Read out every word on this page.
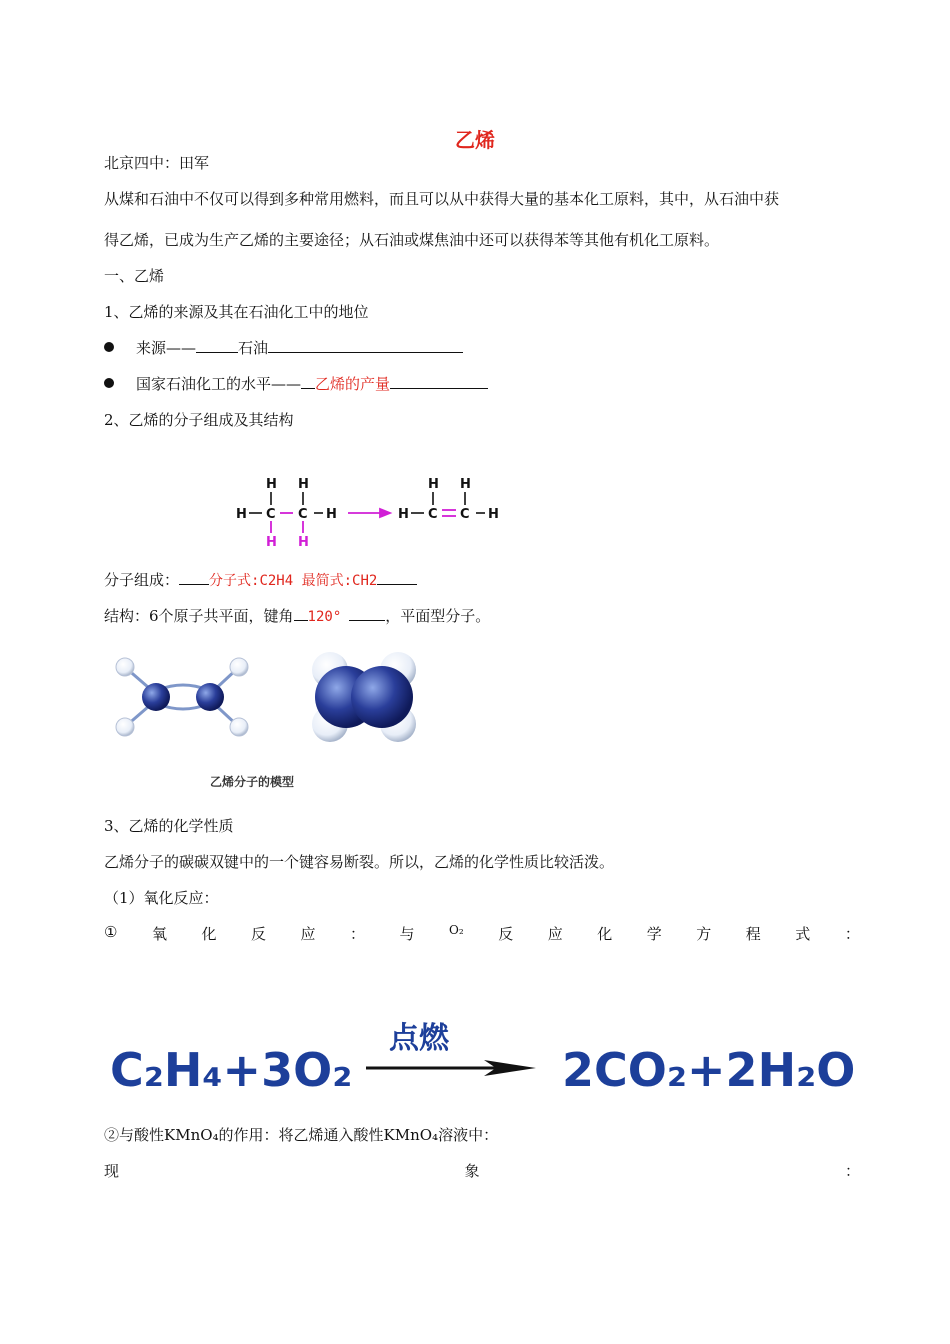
乙烯
北京四中：田军
从煤和石油中不仅可以得到多种常用燃料，而且可以从中获得大量的基本化工原料，其中，从石油中获
得乙烯，已成为生产乙烯的主要途径；从石油或煤焦油中还可以获得苯等其他有机化工原料。
一、乙烯
1、乙烯的来源及其在石油化工中的地位
来源——	石油
国家石油化工的水平—— 乙烯的产量
2、乙烯的分子组成及其结构
H H
H C C H
H H
H C C H
H H
分子组成： 分子式:C2H4 最简式:CH2
结构：6个原子共平面，键角 120°	，平面型分子。
乙烯分子的模型
3、乙烯的化学性质
乙烯分子的碳碳双键中的一个键容易断裂。所以，乙烯的化学性质比较活泼。
（1）氧化反应：
① 氧 化 反 应 ： 与	O₂ 反 应 化 学 方 程 式 ：
点燃
C₂H₄+3O₂	2CO₂+2H₂O
②与酸性KMnO₄的作用：将乙烯通入酸性KMnO₄溶液中：
现	象	：
